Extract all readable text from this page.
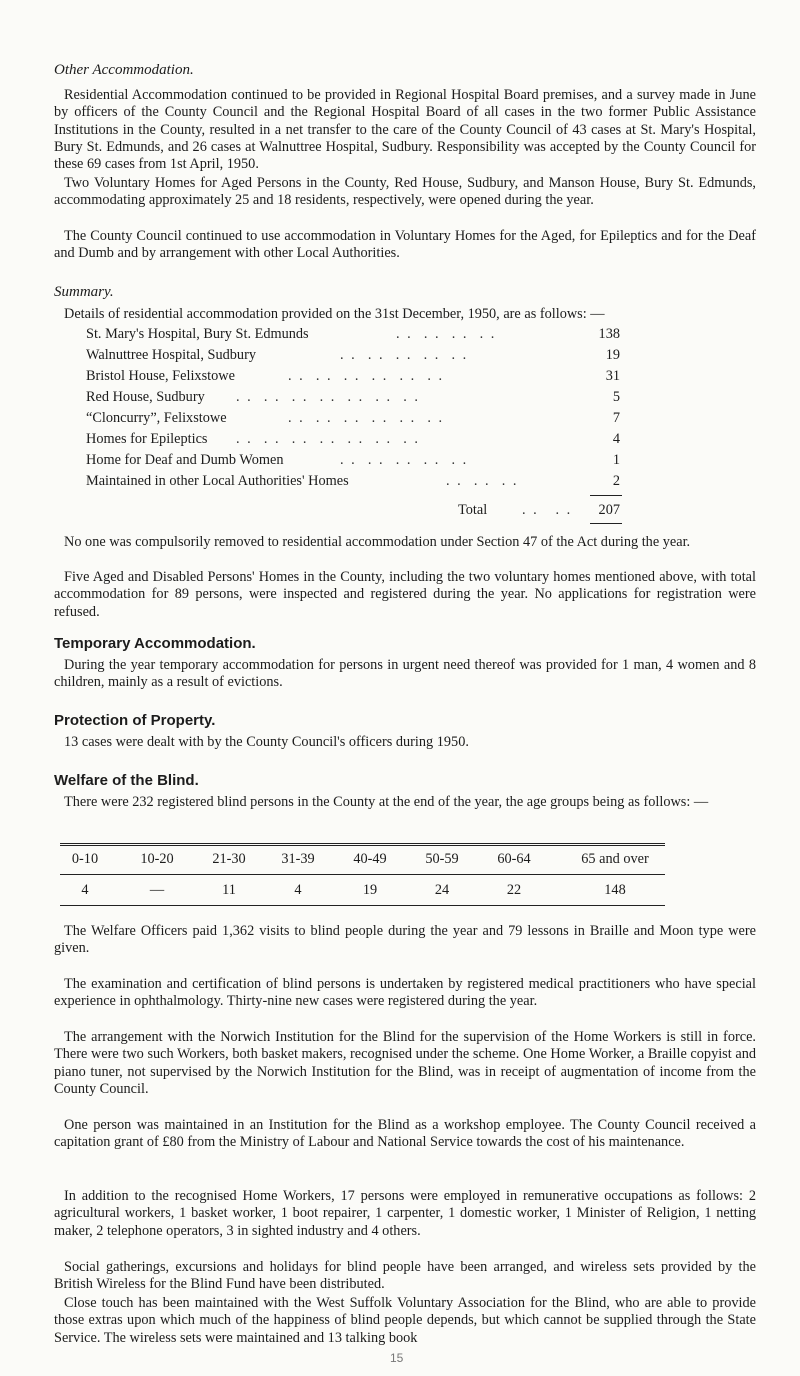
Other Accommodation.

Residential Accommodation continued to be provided in Regional Hospital Board premises, and a survey made in June by officers of the County Council and the Regional Hospital Board of all cases in the two former Public Assistance Institutions in the County, resulted in a net transfer to the care of the County Council of 43 cases at St. Mary's Hospital, Bury St. Edmunds, and 26 cases at Walnuttree Hospital, Sudbury. Responsibility was accepted by the County Council for these 69 cases from 1st April, 1950.

Two Voluntary Homes for Aged Persons in the County, Red House, Sudbury, and Manson House, Bury St. Edmunds, accommodating approximately 25 and 18 residents, respectively, were opened during the year.

The County Council continued to use accommodation in Voluntary Homes for the Aged, for Epileptics and for the Deaf and Dumb and by arrangement with other Local Authorities.

Summary.

Details of residential accommodation provided on the 31st December, 1950, are as follows: —

St. Mary's Hospital, Bury St. Edmunds	. .  . .  . .  . .	138
Walnuttree Hospital, Sudbury	. .  . .  . .  . .  . .	19
Bristol House, Felixstowe	. .  . .  . .  . .  . .  . .	31
Red House, Sudbury . .  . .  . .  . .  . .  . .  . .	5
“Cloncurry”, Felixstowe	. .  . .  . .  . .  . .  . .	7
Homes for Epileptics . .  . .  . .  . .  . .  . .  . .	4
Home for Deaf and Dumb Women	. .  . .  . .  . .  . .	1
Maintained in other Local Authorities' Homes	. .  . .  . .	2
Total . .   . . 207

No one was compulsorily removed to residential accommodation under Section 47 of the Act during the year.

Five Aged and Disabled Persons' Homes in the County, including the two voluntary homes mentioned above, with total accommodation for 89 persons, were inspected and registered during the year. No applications for registration were refused.

Temporary Accommodation.

During the year temporary accommodation for persons in urgent need thereof was provided for 1 man, 4 women and 8 children, mainly as a result of evictions.

Protection of Property.

13 cases were dealt with by the County Council's officers during 1950.

Welfare of the Blind.

There were 232 registered blind persons in the County at the end of the year, the age groups being as follows: —

0-10	10-20	21-30	31-39	40-49	50-59	60-64	65 and over
4	—	11	4	19	24	22	148

The Welfare Officers paid 1,362 visits to blind people during the year and 79 lessons in Braille and Moon type were given.

The examination and certification of blind persons is undertaken by registered medical practitioners who have special experience in ophthalmology. Thirty-nine new cases were registered during the year.

The arrangement with the Norwich Institution for the Blind for the supervision of the Home Workers is still in force. There were two such Workers, both basket makers, recognised under the scheme. One Home Worker, a Braille copyist and piano tuner, not supervised by the Norwich Institution for the Blind, was in receipt of augmentation of income from the County Council.

One person was maintained in an Institution for the Blind as a workshop employee. The County Council received a capitation grant of £80 from the Ministry of Labour and National Service towards the cost of his maintenance.

In addition to the recognised Home Workers, 17 persons were employed in remunerative occupations as follows: 2 agricultural workers, 1 basket worker, 1 boot repairer, 1 carpenter, 1 domestic worker, 1 Minister of Religion, 1 netting maker, 2 telephone operators, 3 in sighted industry and 4 others.

Social gatherings, excursions and holidays for blind people have been arranged, and wireless sets provided by the British Wireless for the Blind Fund have been distributed.

Close touch has been maintained with the West Suffolk Voluntary Association for the Blind, who are able to provide those extras upon which much of the happiness of blind people depends, but which cannot be supplied through the State Service. The wireless sets were maintained and 13 talking book

15
